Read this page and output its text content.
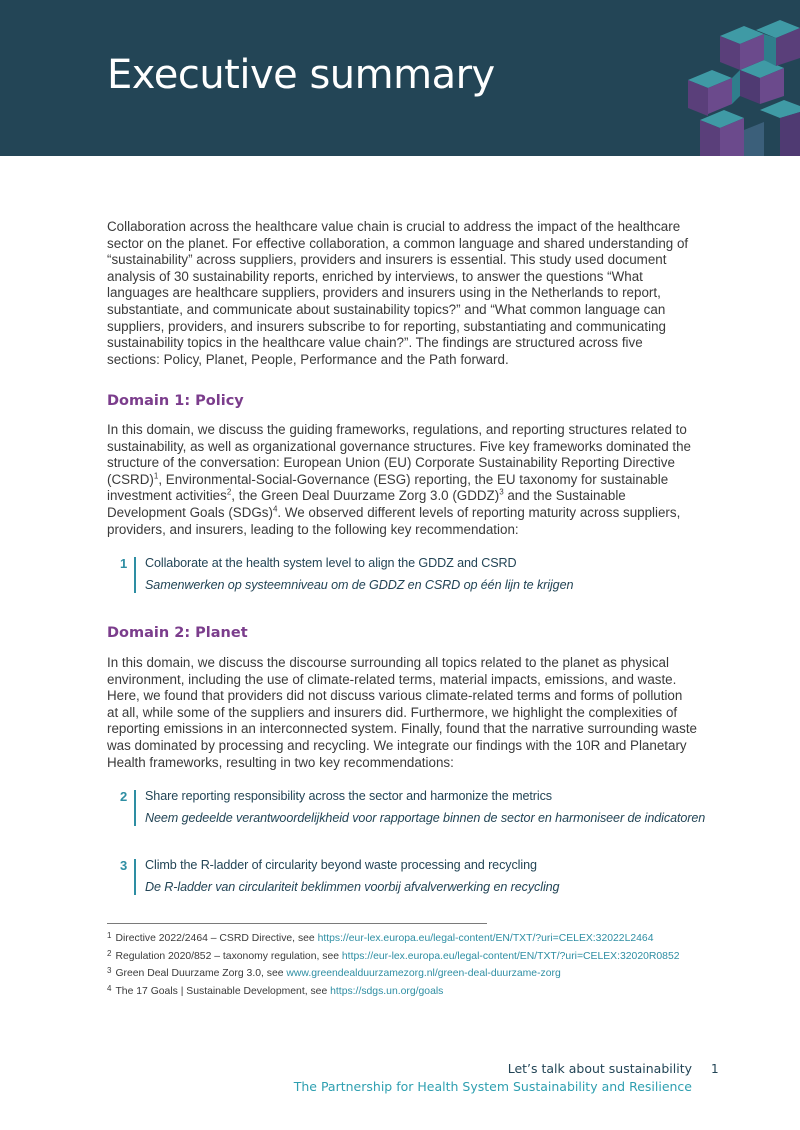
Executive summary

Collaboration across the healthcare value chain is crucial to address the impact of the healthcare sector on the planet. For effective collaboration, a common language and shared understanding of “sustainability” across suppliers, providers and insurers is essential. This study used document analysis of 30 sustainability reports, enriched by interviews, to answer the questions “What languages are healthcare suppliers, providers and insurers using in the Netherlands to report, substantiate, and communicate about sustainability topics?” and “What common language can suppliers, providers, and insurers subscribe to for reporting, substantiating and communicating sustainability topics in the healthcare value chain?”. The findings are structured across five sections: Policy, Planet, People, Performance and the Path forward.

Domain 1: Policy

In this domain, we discuss the guiding frameworks, regulations, and reporting structures related to sustainability, as well as organizational governance structures. Five key frameworks dominated the structure of the conversation: European Union (EU) Corporate Sustainability Reporting Directive (CSRD)$^1$, Environmental-Social-Governance (ESG) reporting, the EU taxonomy for sustainable investment activities$^2$, the Green Deal Duurzame Zorg 3.0 (GDDZ)$^3$ and the Sustainable Development Goals (SDGs)$^4$. We observed different levels of reporting maturity across suppliers, providers, and insurers, leading to the following key recommendation:

1 Collaborate at the health system level to align the GDDZ and CSRD
Samenwerken op systeemniveau om de GDDZ en CSRD op één lijn te krijgen
Domain 2: Planet

In this domain, we discuss the discourse surrounding all topics related to the planet as physical environment, including the use of climate-related terms, material impacts, emissions, and waste. Here, we found that providers did not discuss various climate-related terms and forms of pollution at all, while some of the suppliers and insurers did. Furthermore, we highlight the complexities of reporting emissions in an interconnected system. Finally, found that the narrative surrounding waste was dominated by processing and recycling. We integrate our findings with the 10R and Planetary Health frameworks, resulting in two key recommendations:

2 Share reporting responsibility across the sector and harmonize the metrics
Neem gedeelde verantwoordelijkheid voor rapportage binnen de sector en harmoniseer de indicatoren
3 Climb the R-ladder of circularity beyond waste processing and recycling
De R-ladder van circulariteit beklimmen voorbij afvalverwerking en recycling
$^1$ Directive 2022/2464 – CSRD Directive, see https://eur-lex.europa.eu/legal-content/EN/TXT/?uri=CELEX:32022L2464
$^2$ Regulation 2020/852 – taxonomy regulation, see https://eur-lex.europa.eu/legal-content/EN/TXT/?uri=CELEX:32020R0852
$^3$ Green Deal Duurzame Zorg 3.0, see www.greendealduurzamezorg.nl/green-deal-duurzame-zorg
$^4$ The 17 Goals | Sustainable Development, see https://sdgs.un.org/goals
Let’s talk about sustainability
The Partnership for Health System Sustainability and Resilience
1
